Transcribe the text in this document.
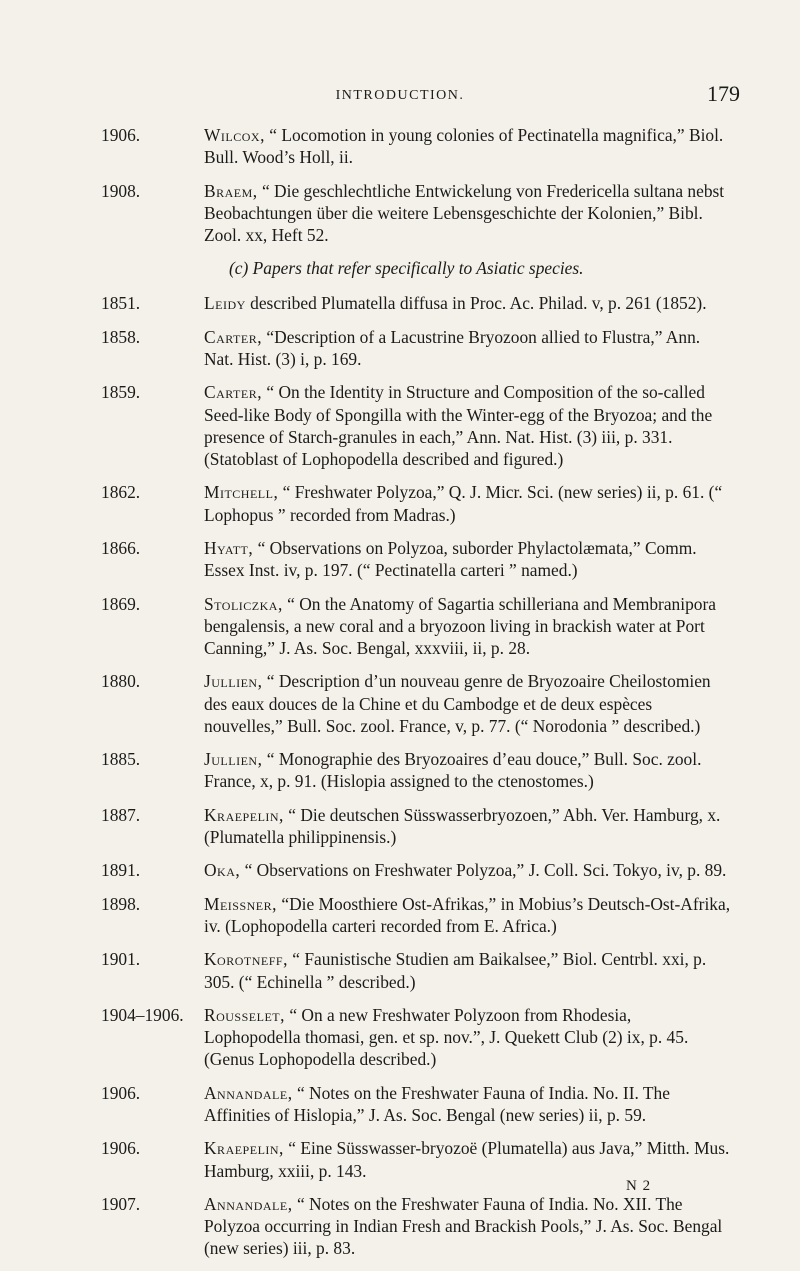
INTRODUCTION.	179
1906.	Wilcox, “ Locomotion in young colonies of Pectinatella magnifica,” Biol. Bull. Wood’s Holl, ii.
1908.	Braem, “ Die geschlechtliche Entwickelung von Fredericella sultana nebst Beobachtungen über die weitere Lebensgeschichte der Kolonien,” Bibl. Zool. xx, Heft 52.
(c) Papers that refer specifically to Asiatic species.
1851.	Leidy described Plumatella diffusa in Proc. Ac. Philad. v, p. 261 (1852).
1858.	Carter, “Description of a Lacustrine Bryozoon allied to Flustra,” Ann. Nat. Hist. (3) i, p. 169.
1859.	Carter, “ On the Identity in Structure and Composition of the so-called Seed-like Body of Spongilla with the Winter-egg of the Bryozoa; and the presence of Starch-granules in each,” Ann. Nat. Hist. (3) iii, p. 331. (Statoblast of Lophopodella described and figured.)
1862.	Mitchell, “ Freshwater Polyzoa,” Q. J. Micr. Sci. (new series) ii, p. 61. (“ Lophopus ” recorded from Madras.)
1866.	Hyatt, “ Observations on Polyzoa, suborder Phylactolæmata,” Comm. Essex Inst. iv, p. 197. (“ Pectinatella carteri ” named.)
1869.	Stoliczka, “ On the Anatomy of Sagartia schilleriana and Membranipora bengalensis, a new coral and a bryozoon living in brackish water at Port Canning,” J. As. Soc. Bengal, xxxviii, ii, p. 28.
1880.	Jullien, “ Description d’un nouveau genre de Bryozoaire Cheilostomien des eaux douces de la Chine et du Cambodge et de deux espèces nouvelles,” Bull. Soc. zool. France, v, p. 77. (“ Norodonia ” described.)
1885.	Jullien, “ Monographie des Bryozoaires d’eau douce,” Bull. Soc. zool. France, x, p. 91. (Hislopia assigned to the ctenostomes.)
1887.	Kraepelin, “ Die deutschen Süsswasserbryozoen,” Abh. Ver. Hamburg, x. (Plumatella philippinensis.)
1891.	Oka, “ Observations on Freshwater Polyzoa,” J. Coll. Sci. Tokyo, iv, p. 89.
1898.	Meissner, “Die Moosthiere Ost-Afrikas,” in Mobius’s Deutsch-Ost-Afrika, iv. (Lophopodella carteri recorded from E. Africa.)
1901.	Korotneff, “ Faunistische Studien am Baikalsee,” Biol. Centrbl. xxi, p. 305. (“ Echinella ” described.)
1904–1906. Rousselet, “ On a new Freshwater Polyzoon from Rhodesia, Lophopodella thomasi, gen. et sp. nov.”, J. Quekett Club (2) ix, p. 45. (Genus Lophopodella described.)
1906.	Annandale, “ Notes on the Freshwater Fauna of India. No. II. The Affinities of Hislopia,” J. As. Soc. Bengal (new series) ii, p. 59.
1906.	Kraepelin, “ Eine Süsswasser-bryozoë (Plumatella) aus Java,” Mitth. Mus. Hamburg, xxiii, p. 143.
1907.	Annandale, “ Notes on the Freshwater Fauna of India. No. XII. The Polyzoa occurring in Indian Fresh and Brackish Pools,” J. As. Soc. Bengal (new series) iii, p. 83.
N 2
